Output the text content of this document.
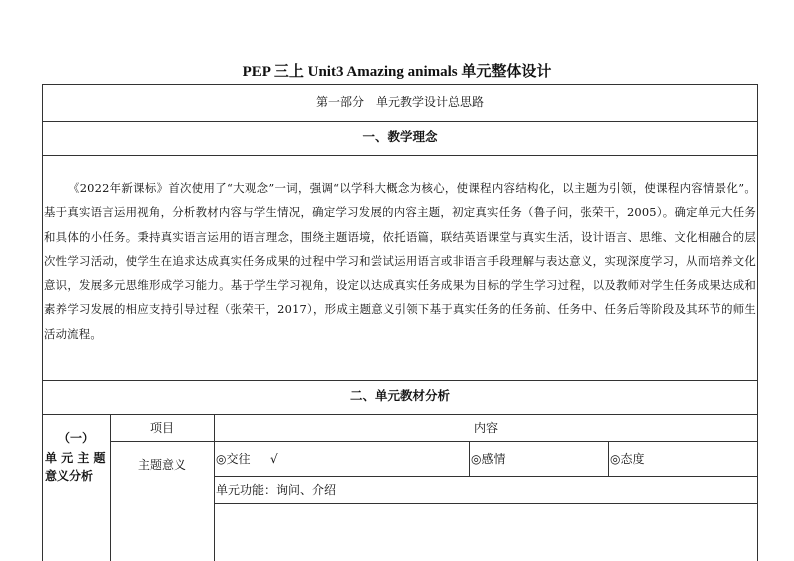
PEP 三上 Unit3 Amazing animals 单元整体设计
第一部分　单元教学设计总思路
一、教学理念
《2022年新课标》首次使用了“大观念”一词，强调“以学科大概念为核心，使课程内容结构化，以主题为引领，使课程内容情景化”。基于真实语言运用视角，分析教材内容与学生情况，确定学习发展的内容主题，初定真实任务（鲁子问，张荣干，2005）。确定单元大任务和具体的小任务。秉持真实语言运用的语言理念，围绕主题语境，依托语篇，联结英语课堂与真实生活，设计语言、思维、文化相融合的层次性学习活动，使学生在追求达成真实任务成果的过程中学习和尝试运用语言或非语言手段理解与表达意义，实现深度学习，从而培养文化意识，发展多元思维形成学习能力。基于学生学习视角，设定以达成真实任务成果为目标的学生学习过程，以及教师对学生任务成果达成和素养学习发展的相应支持引导过程（张荣干，2017），形成主题意义引领下基于真实任务的任务前、任务中、任务后等阶段及其环节的师生活动流程。
二、单元教材分析
（一）
单 元 主 题
意义分析
项目	内容
主题意义	◎交往 √	◎感情	◎态度
单元功能：询问、介绍
